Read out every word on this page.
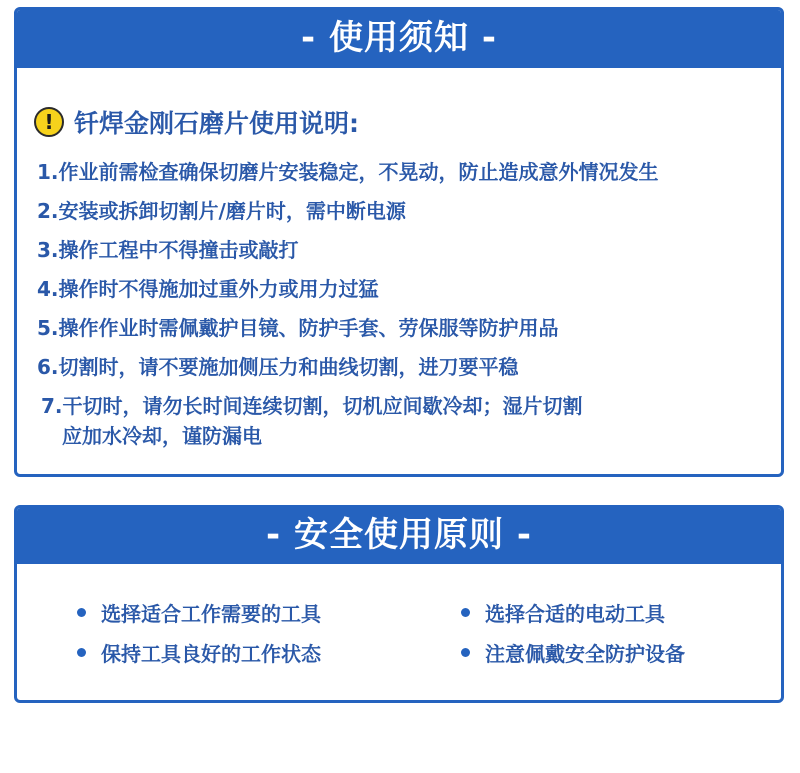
- 使用须知 -
! 钎焊金刚石磨片使用说明:
1.作业前需检查确保切磨片安装稳定，不晃动，防止造成意外情况发生
2.安装或拆卸切割片/磨片时，需中断电源
3.操作工程中不得撞击或敲打
4.操作时不得施加过重外力或用力过猛
5.操作作业时需佩戴护目镜、防护手套、劳保服等防护用品
6.切割时，请不要施加侧压力和曲线切割，进刀要平稳
7.干切时，请勿长时间连续切割，切机应间歇冷却；湿片切割
应加水冷却，谨防漏电
- 安全使用原则 -
选择适合工作需要的工具	选择合适的电动工具
保持工具良好的工作状态	注意佩戴安全防护设备
